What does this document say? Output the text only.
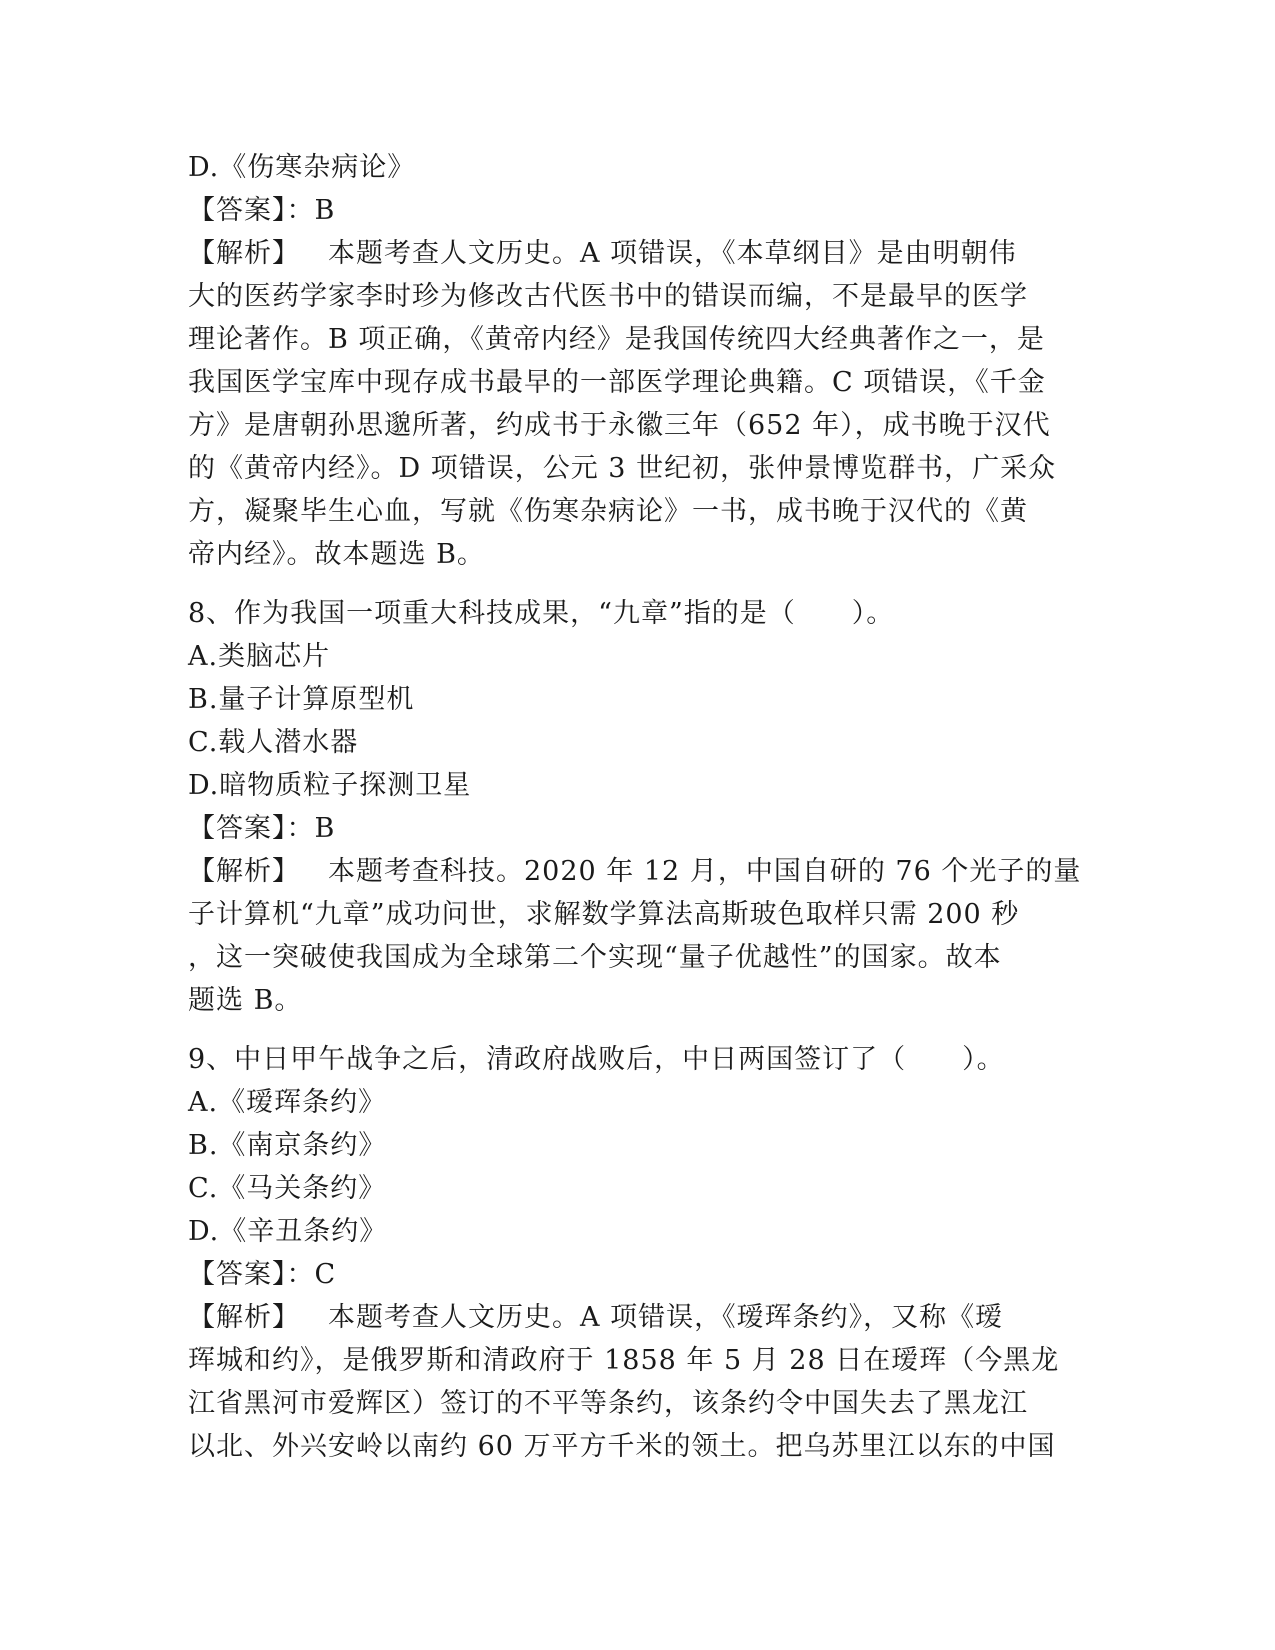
D.《伤寒杂病论》
【答案】：B
【解析】 本题考查人文历史。A 项错误，《本草纲目》是由明朝伟
大的医药学家李时珍为修改古代医书中的错误而编，不是最早的医学
理论著作。B 项正确，《黄帝内经》是我国传统四大经典著作之一，是
我国医学宝库中现存成书最早的一部医学理论典籍。C 项错误，《千金
方》是唐朝孙思邈所著，约成书于永徽三年（652 年），成书晚于汉代
的《黄帝内经》。D 项错误，公元 3 世纪初，张仲景博览群书，广采众
方，凝聚毕生心血，写就《伤寒杂病论》一书，成书晚于汉代的《黄
帝内经》。故本题选 B。
8、作为我国一项重大科技成果，“九章”指的是（　　）。
A.类脑芯片
B.量子计算原型机
C.载人潜水器
D.暗物质粒子探测卫星
【答案】：B
【解析】 本题考查科技。2020 年 12 月，中国自研的 76 个光子的量
子计算机“九章”成功问世，求解数学算法高斯玻色取样只需 200 秒
，这一突破使我国成为全球第二个实现“量子优越性”的国家。故本
题选 B。
9、中日甲午战争之后，清政府战败后，中日两国签订了（　　）。
A.《瑷珲条约》
B.《南京条约》
C.《马关条约》
D.《辛丑条约》
【答案】：C
【解析】 本题考查人文历史。A 项错误，《瑷珲条约》，又称《瑷
珲城和约》，是俄罗斯和清政府于 1858 年 5 月 28 日在瑷珲（今黑龙
江省黑河市爱辉区）签订的不平等条约，该条约令中国失去了黑龙江
以北、外兴安岭以南约 60 万平方千米的领土。把乌苏里江以东的中国
